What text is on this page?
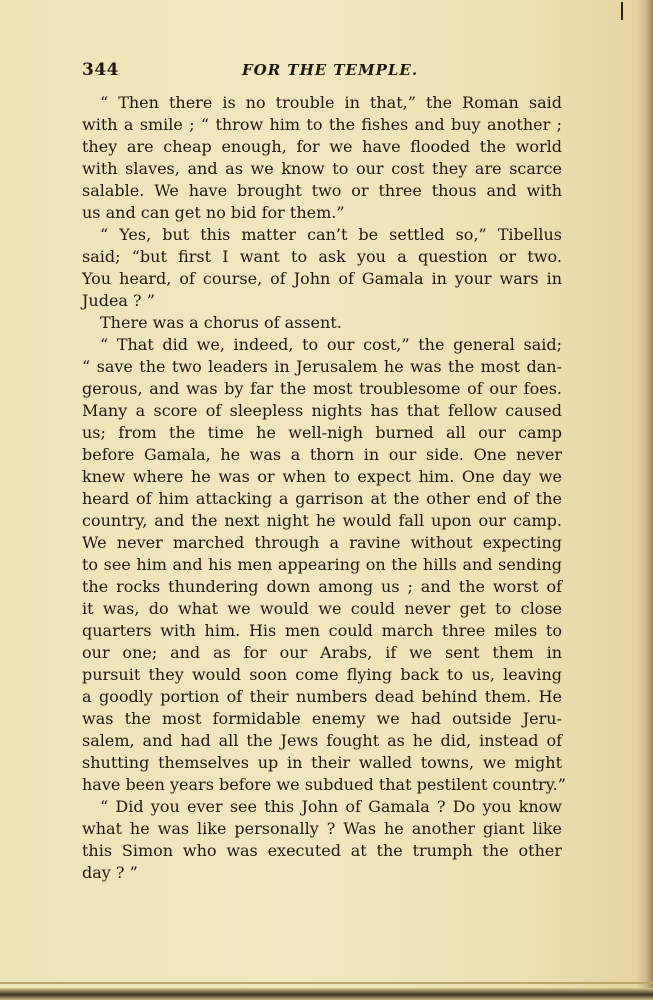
344	FOR THE TEMPLE.
“ Then there is no trouble in that,” the Roman said
with a smile ; “ throw him to the fishes and buy another ;
they are cheap enough, for we have flooded the world
with slaves, and as we know to our cost they are scarce
salable. We have brought two or three thous and with
us and can get no bid for them.”
“ Yes, but this matter can’t be settled so,” Tibellus
said; “but first I want to ask you a question or two.
You heard, of course, of John of Gamala in your wars in
Judea ? ”
There was a chorus of assent.
“ That did we, indeed, to our cost,” the general said;
“ save the two leaders in Jerusalem he was the most dan-
gerous, and was by far the most troublesome of our foes.
Many a score of sleepless nights has that fellow caused
us; from the time he well-nigh burned all our camp
before Gamala, he was a thorn in our side. One never
knew where he was or when to expect him. One day we
heard of him attacking a garrison at the other end of the
country, and the next night he would fall upon our camp.
We never marched through a ravine without expecting
to see him and his men appearing on the hills and sending
the rocks thundering down among us ; and the worst of
it was, do what we would we could never get to close
quarters with him. His men could march three miles to
our one; and as for our Arabs, if we sent them in
pursuit they would soon come flying back to us, leaving
a goodly portion of their numbers dead behind them. He
was the most formidable enemy we had outside Jeru-
salem, and had all the Jews fought as he did, instead of
shutting themselves up in their walled towns, we might
have been years before we subdued that pestilent country.”
“ Did you ever see this John of Gamala ? Do you know
what he was like personally ? Was he another giant like
this Simon who was executed at the trumph the other
day ? ”
